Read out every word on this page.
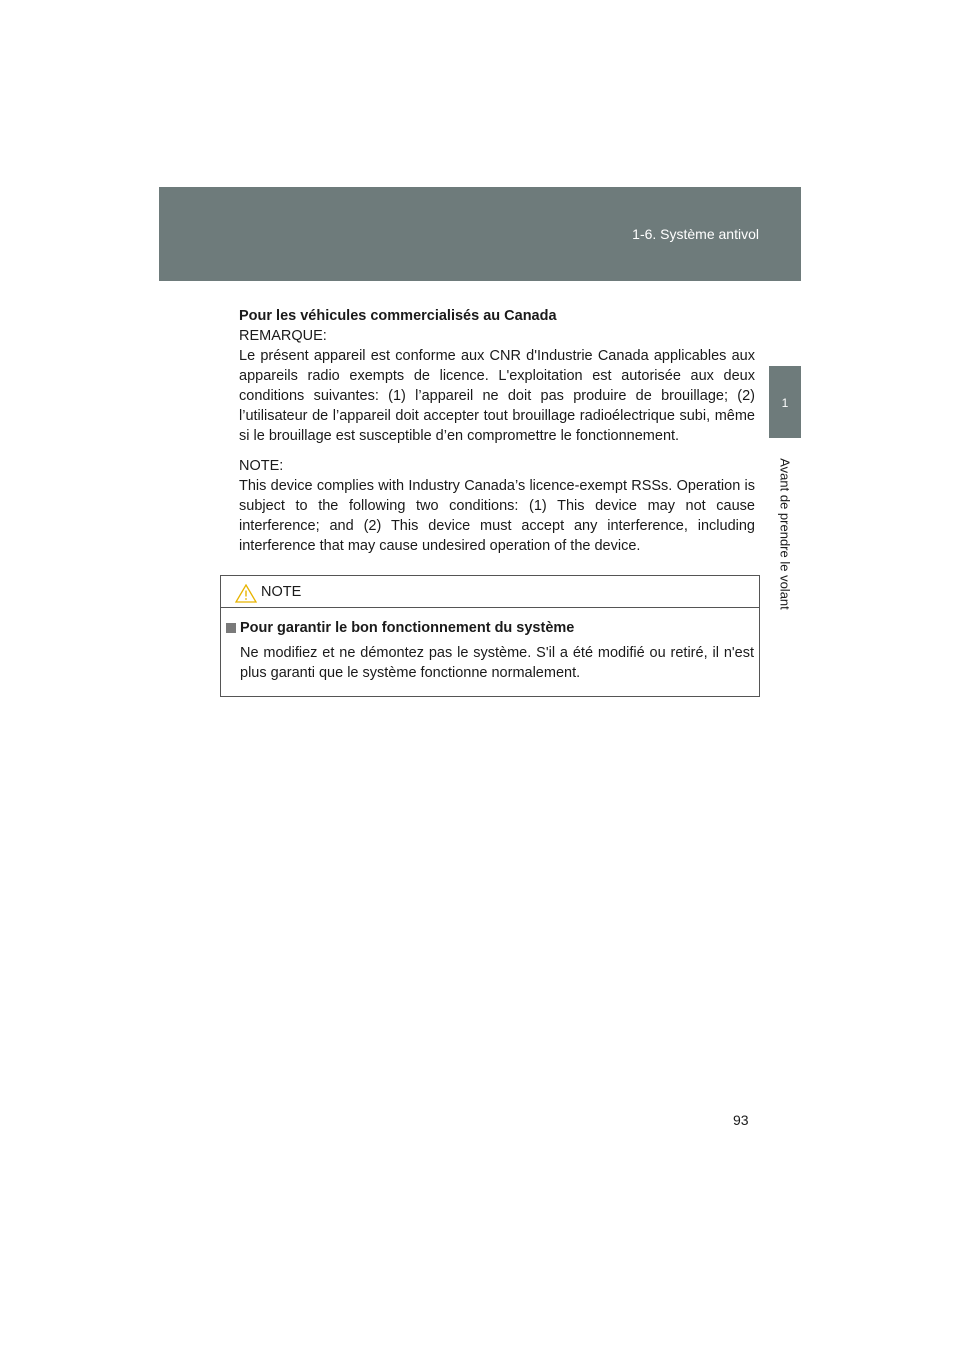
1-6. Système antivol
1
Avant de prendre le volant

Pour les véhicules commercialisés au Canada

REMARQUE:

Le présent appareil est conforme aux CNR d'Industrie Canada applicables aux appareils radio exempts de licence. L'exploitation est autorisée aux deux conditions suivantes: (1) l’appareil ne doit pas produire de brouillage; (2) l’utilisateur de l’appareil doit accepter tout brouillage radioélectrique subi, même si le brouillage est susceptible d’en compromettre le fonctionnement.

NOTE:

This device complies with Industry Canada’s licence-exempt RSSs. Operation is subject to the following two conditions: (1) This device may not cause interference; and (2) This device must accept any interference, including interference that may cause undesired operation of the device.

NOTE
Pour garantir le bon fonctionnement du système
Ne modifiez et ne démontez pas le système. S'il a été modifié ou retiré, il n'est plus garanti que le système fonctionne normalement.
93
